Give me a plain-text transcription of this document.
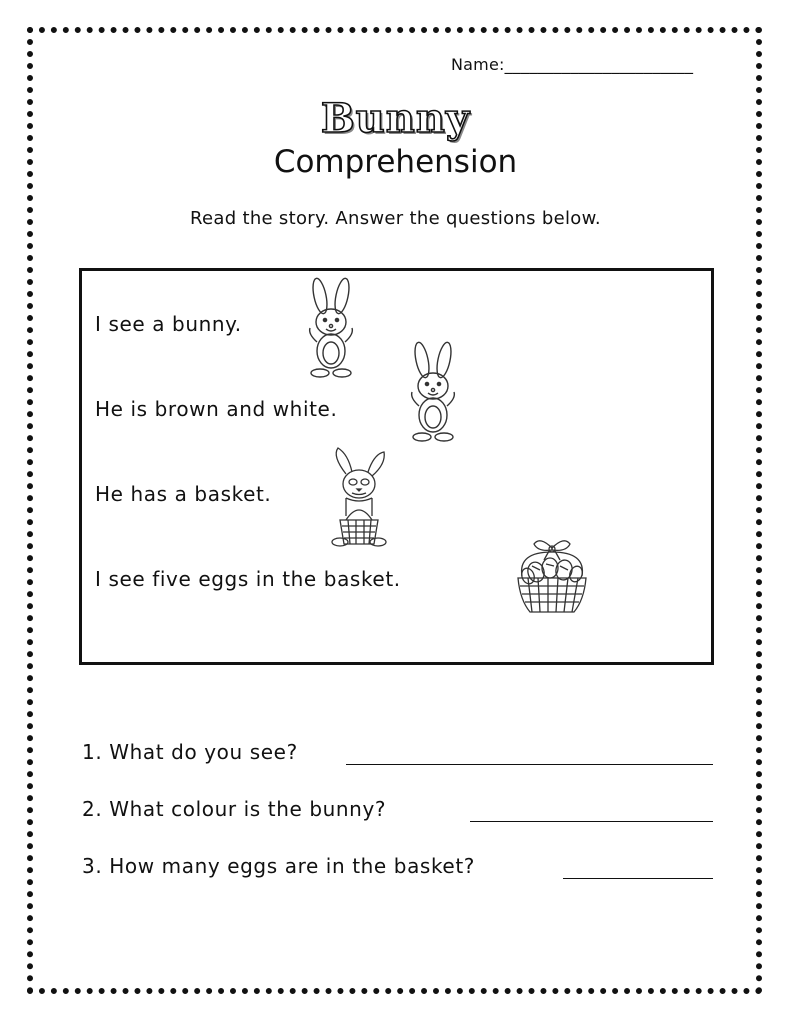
Name:_______________________
Bunny
Comprehension
Read the story. Answer the questions below.
I see a bunny.
He is brown and white.
He has a basket.
I see five eggs in the basket.
1. What do you see?
2. What colour is the bunny?
3. How many eggs are in the basket?
